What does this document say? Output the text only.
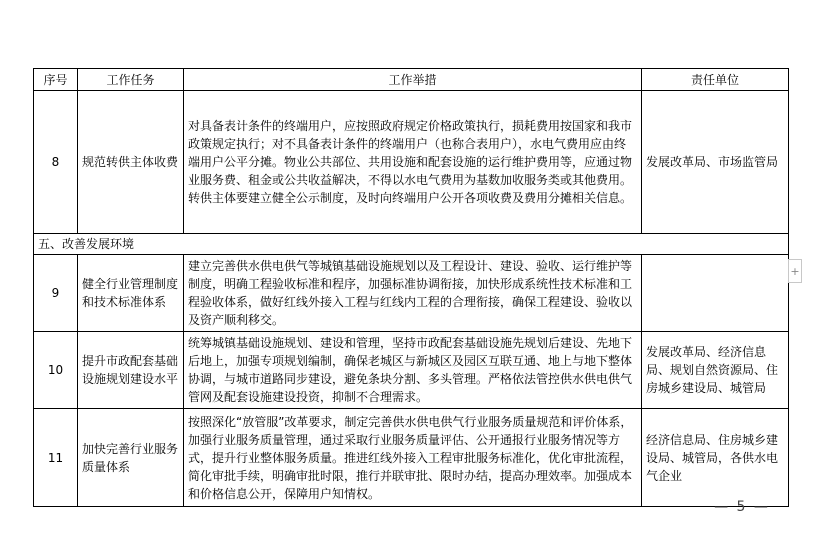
序号	工作任务	工作举措	责任单位
8	规范转供主体收费	对具备表计条件的终端用户，应按照政府规定价格政策执行，损耗费用按国家和我市政策规定执行；对不具备表计条件的终端用户（也称合表用户），水电气费用应由终端用户公平分摊。物业公共部位、共用设施和配套设施的运行维护费用等，应通过物业服务费、租金或公共收益解决，不得以水电气费用为基数加收服务类或其他费用。转供主体要建立健全公示制度，及时向终端用户公开各项收费及费用分摊相关信息。	发展改革局、市场监管局
五、改善发展环境			
9	健全行业管理制度和技术标准体系	建立完善供水供电供气等城镇基础设施规划以及工程设计、建设、验收、运行维护等制度，明确工程验收标准和程序，加强标准协调衔接，加快形成系统性技术标准和工程验收体系，做好红线外接入工程与红线内工程的合理衔接，确保工程建设、验收以及资产顺利移交。	
10	提升市政配套基础设施规划建设水平	统筹城镇基础设施规划、建设和管理，坚持市政配套基础设施先规划后建设、先地下后地上，加强专项规划编制，确保老城区与新城区及园区互联互通、地上与地下整体协调，与城市道路同步建设，避免条块分割、多头管理。严格依法管控供水供电供气管网及配套设施建设投资，抑制不合理需求。	发展改革局、经济信息局、规划自然资源局、住房城乡建设局、城管局
11	加快完善行业服务质量体系	按照深化“放管服”改革要求，制定完善供水供电供气行业服务质量规范和评价体系，加强行业服务质量管理，通过采取行业服务质量评估、公开通报行业服务情况等方式，提升行业整体服务质量。推进红线外接入工程审批服务标准化，优化审批流程，简化审批手续，明确审批时限，推行并联审批、限时办结，提高办理效率。加强成本和价格信息公开，保障用户知情权。	经济信息局、住房城乡建设局、城管局，各供水电气企业
+
— 5 —
